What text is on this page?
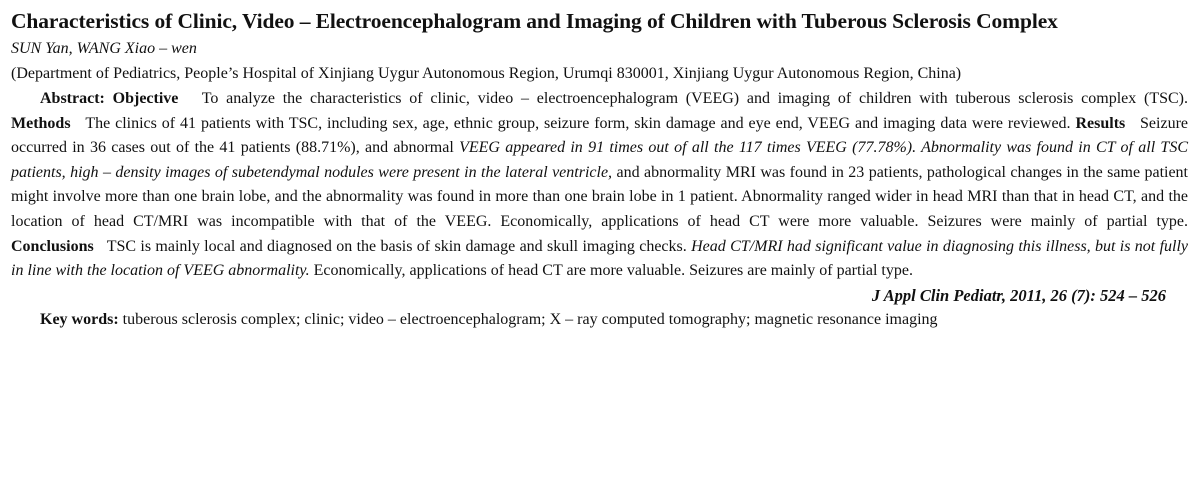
Characteristics of Clinic, Video – Electroencephalogram and Imaging of Children with Tuberous Sclerosis Complex
SUN Yan, WANG Xiao – wen
(Department of Pediatrics, People’s Hospital of Xinjiang Uygur Autonomous Region, Urumqi 830001, Xinjiang Uygur Autonomous Region, China)
Abstract: Objective To analyze the characteristics of clinic, video – electroencephalogram (VEEG) and imaging of children with tuberous sclerosis complex (TSC). Methods The clinics of 41 patients with TSC, including sex, age, ethnic group, seizure form, skin damage and eye end, VEEG and imaging data were reviewed. Results Seizure occurred in 36 cases out of the 41 patients (88.71%), and abnormal VEEG appeared in 91 times out of all the 117 times VEEG (77.78%). Abnormality was found in CT of all TSC patients, high – density images of subetendymal nodules were present in the lateral ventricle, and abnormality MRI was found in 23 patients, pathological changes in the same patient might involve more than one brain lobe, and the abnormality was found in more than one brain lobe in 1 patient. Abnormality ranged wider in head MRI than that in head CT, and the location of head CT/MRI was incompatible with that of the VEEG. Economically, applications of head CT were more valuable. Seizures were mainly of partial type. Conclusions TSC is mainly local and diagnosed on the basis of skin damage and skull imaging checks. Head CT/MRI had significant value in diagnosing this illness, but is not fully in line with the location of VEEG abnormality. Economically, applications of head CT are more valuable. Seizures are mainly of partial type.
J Appl Clin Pediatr, 2011, 26 (7): 524 – 526
Key words: tuberous sclerosis complex; clinic; video – electroencephalogram; X – ray computed tomography; magnetic resonance imaging
